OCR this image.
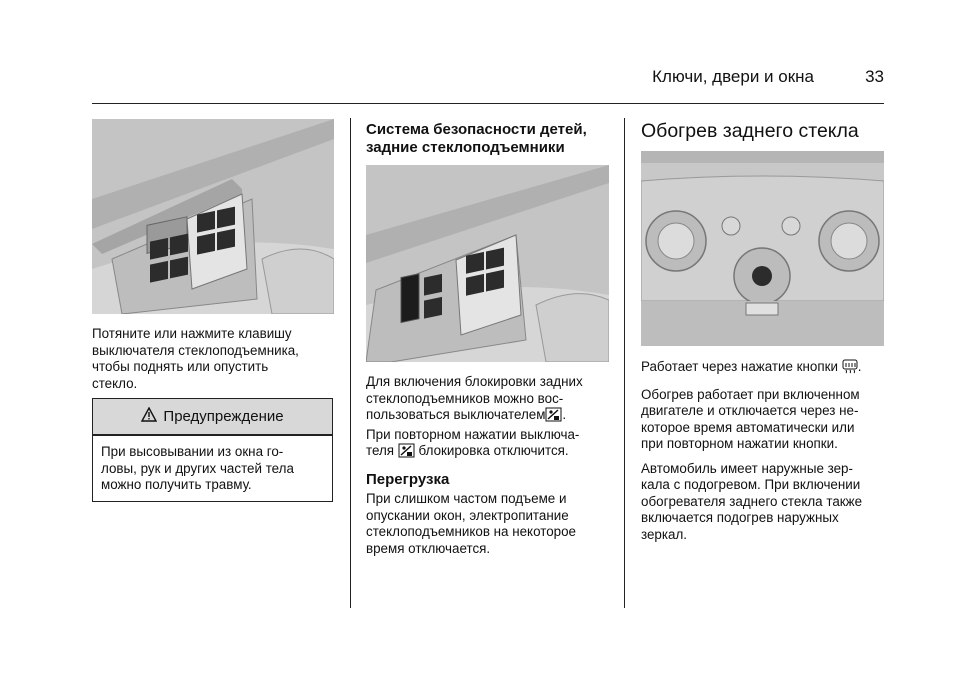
Ключи, двери и окна	33
Потяните или нажмите клавишу
выключателя стеклоподъемника,
чтобы поднять или опустить
стекло.
Предупреждение
При высовывании из окна го-
ловы, рук и других частей тела
можно получить травму.
Система безопасности детей,
задние стеклоподъемники
Для включения блокировки задних
стеклоподъемников можно вос-
пользоваться выключателем .
При повторном нажатии выключа-
теля блокировка отключится.
Перегрузка
При слишком частом подъеме и
опускании окон, электропитание
стеклоподъемников на некоторое
время отключается.
Обогрев заднего стекла

Работает через нажатие кнопки .

Обогрев работает при включенном
двигателе и отключается через не-
которое время автоматически или
при повторном нажатии кнопки.

Автомобиль имеет наружные зер-
кала с подогревом. При включении
обогревателя заднего стекла также
включается подогрев наружных
зеркал.
